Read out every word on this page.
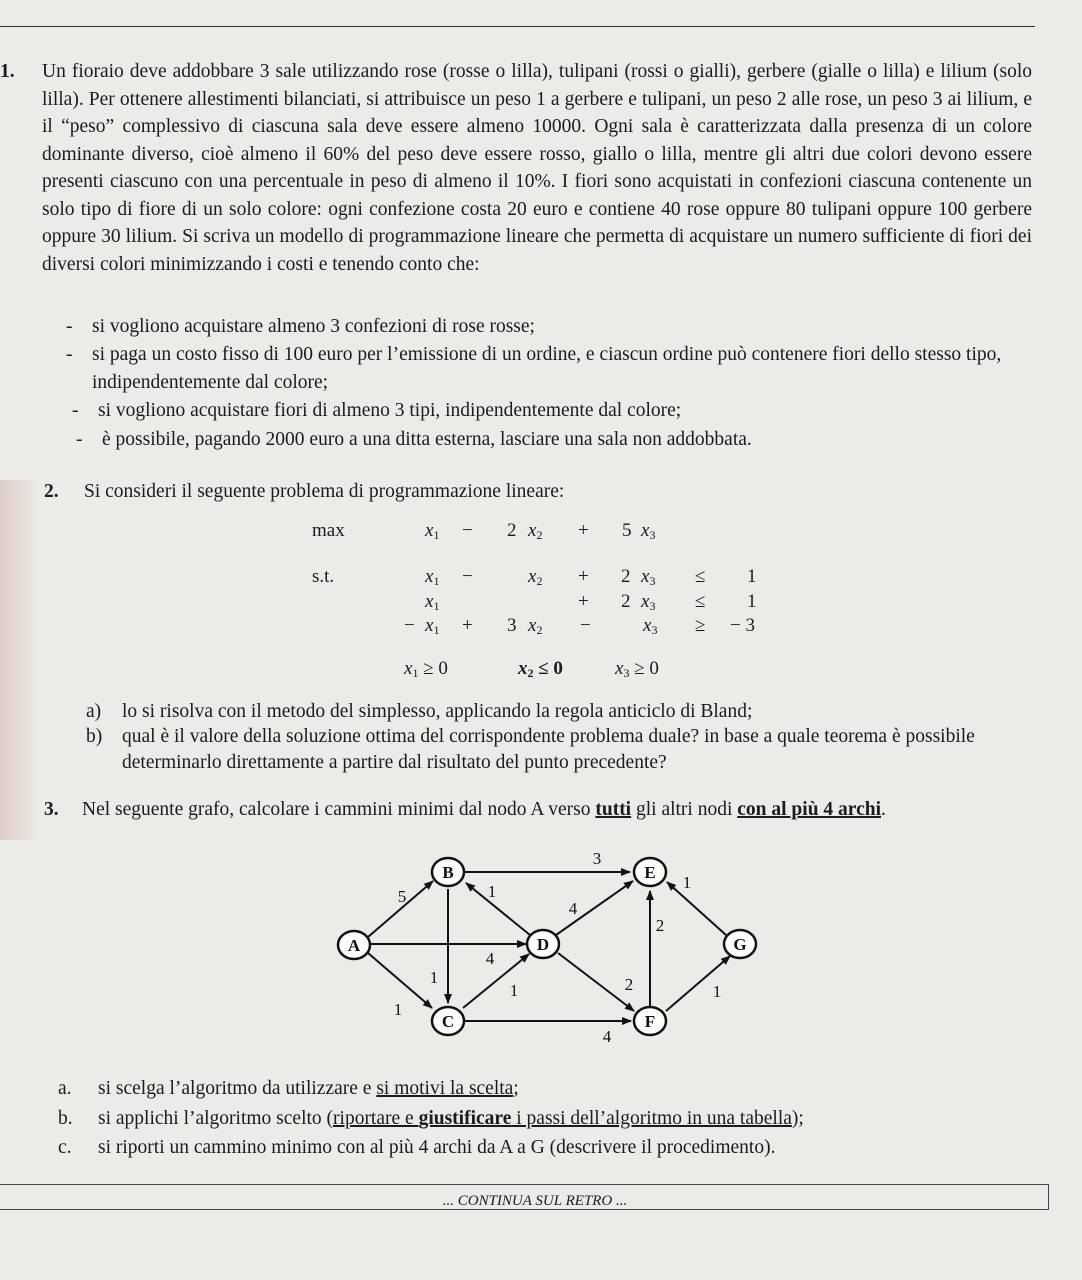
1. Un fioraio deve addobbare 3 sale utilizzando rose (rosse o lilla), tulipani (rossi o gialli), gerbere (gialle o lilla) e lilium (solo lilla). Per ottenere allestimenti bilanciati, si attribuisce un peso 1 a gerbere e tulipani, un peso 2 alle rose, un peso 3 ai lilium, e il “peso” complessivo di ciascuna sala deve essere almeno 10000. Ogni sala è caratterizzata dalla presenza di un colore dominante diverso, cioè almeno il 60% del peso deve essere rosso, giallo o lilla, mentre gli altri due colori devono essere presenti ciascuno con una percentuale in peso di almeno il 10%. I fiori sono acquistati in confezioni ciascuna contenente un solo tipo di fiore di un solo colore: ogni confezione costa 20 euro e contiene 40 rose oppure 80 tulipani oppure 100 gerbere oppure 30 lilium. Si scriva un modello di programmazione lineare che permetta di acquistare un numero sufficiente di fiori dei diversi colori minimizzando i costi e tenendo conto che:

- si vogliono acquistare almeno 3 confezioni di rose rosse;
- si paga un costo fisso di 100 euro per l’emissione di un ordine, e ciascun ordine può contenere fiori dello stesso tipo, indipendentemente dal colore;
- si vogliono acquistare fiori di almeno 3 tipi, indipendentemente dal colore;
- è possibile, pagando 2000 euro a una ditta esterna, lasciare una sala non addobbata.
2. Si consideri il seguente problema di programmazione lineare:
max	$x_1 - 2$ $x_2 + 5$ $x_3$
s.t.	$x_1$ −	$x_2 + 2$ $x_3 \le 1$
$x_1$	+ 2 $x_3 \le 1$
− $x_1 + 3$ $x_2$ −	$x_3$ ≥ − 3
$x_1 \ge 0$	$x_2 \le 0$	$x_3 \ge 0$
a) lo si risolva con il metodo del simplesso, applicando la regola anticiclo di Bland;
b) qual è il valore della soluzione ottima del corrispondente problema duale? in base a quale teorema è possibile determinarlo direttamente a partire dal risultato del punto precedente?

3. Nel seguente grafo, calcolare i cammini minimi dal nodo A verso tutti gli altri nodi con al più 4 archi.
A
B
C
D
E
F
G
5
1
3
1
1
4
1
4
2
1
2
4
1
a. si scelga l’algoritmo da utilizzare e si motivi la scelta;
b. si applichi l’algoritmo scelto (riportare e giustificare i passi dell’algoritmo in una tabella);
c. si riporti un cammino minimo con al più 4 archi da A a G (descrivere il procedimento).
... CONTINUA SUL RETRO ...
